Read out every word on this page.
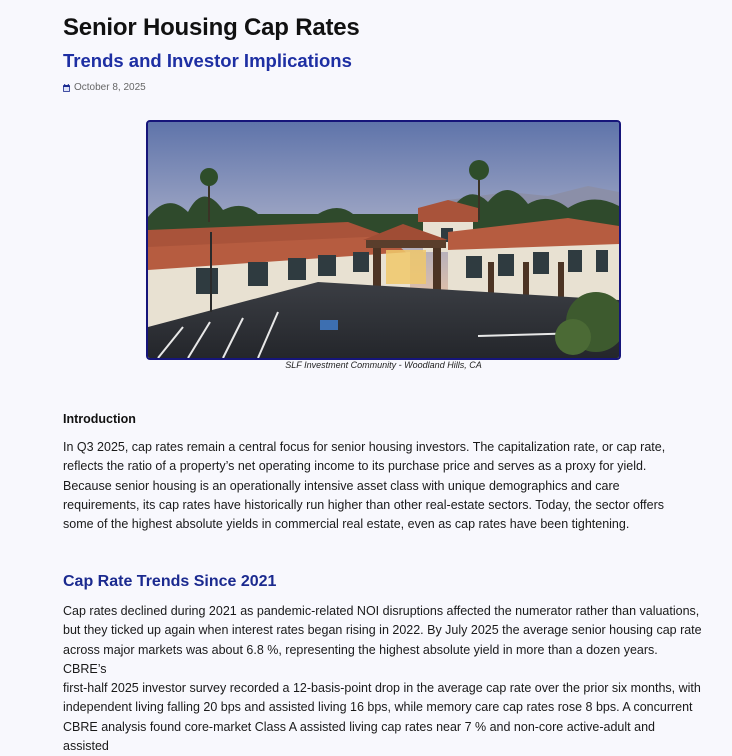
Senior Housing Cap Rates
Trends and Investor Implications
October 8, 2025
SLF Investment Community - Woodland Hills, CA
Introduction

In Q3 2025, cap rates remain a central focus for senior housing investors. The capitalization rate, or cap rate,
reflects the ratio of a property’s net operating income to its purchase price and serves as a proxy for yield.
Because senior housing is an operationally intensive asset class with unique demographics and care
requirements, its cap rates have historically run higher than other real-estate sectors. Today, the sector offers
some of the highest absolute yields in commercial real estate, even as cap rates have been tightening.

Cap Rate Trends Since 2021

Cap rates declined during 2021 as pandemic-related NOI disruptions affected the numerator rather than valuations,
but they ticked up again when interest rates began rising in 2022. By July 2025 the average senior housing cap rate
across major markets was about 6.8 %, representing the highest absolute yield in more than a dozen years. CBRE’s
first-half 2025 investor survey recorded a 12-basis-point drop in the average cap rate over the prior six months, with
independent living falling 20 bps and assisted living 16 bps, while memory care cap rates rose 8 bps. A concurrent
CBRE analysis found core-market Class A assisted living cap rates near 7 % and non-core active-adult and assisted
